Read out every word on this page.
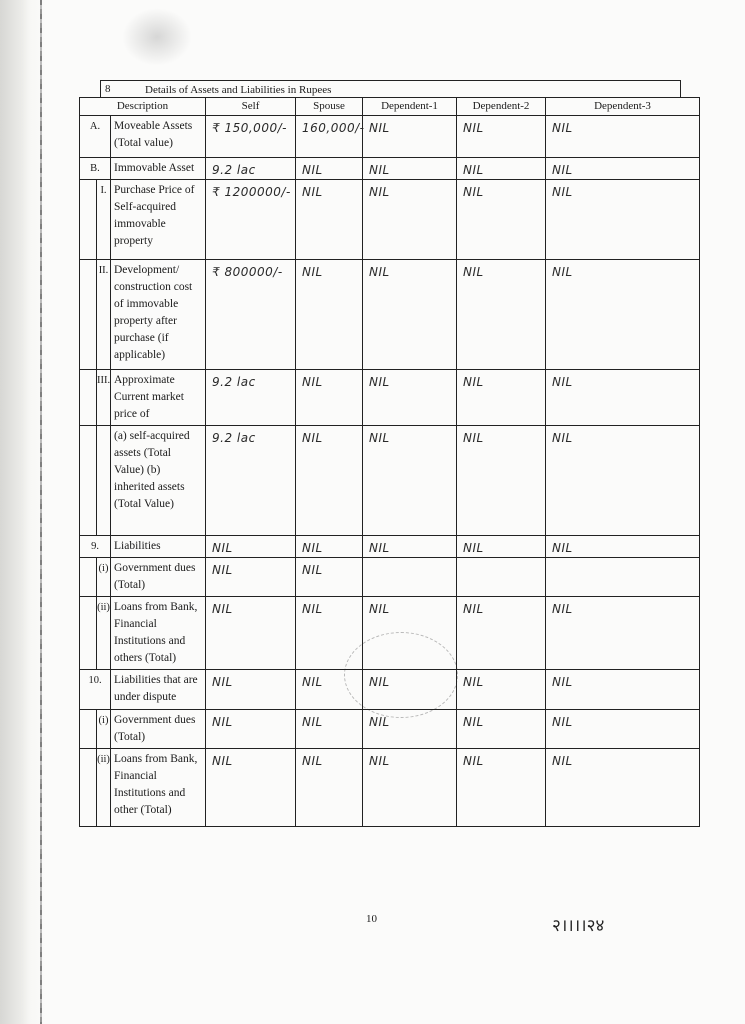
8	Details of Assets and Liabilities in Rupees
Description			Self	Spouse	Dependent-1	Dependent-2	Dependent-3
A.		Moveable Assets (Total value)	₹ 150,000/-	160,000/-	NIL	NIL	NIL
B.		Immovable Asset	9.2 lac	NIL	NIL	NIL	NIL
	I.	Purchase Price of Self-acquired immovable property	₹ 1200000/-	NIL	NIL	NIL	NIL
	II.	Development/ construction cost of immovable property after purchase (if applicable)	₹ 800000/-	NIL	NIL	NIL	NIL
	III.	Approximate Current market price of	9.2 lac	NIL	NIL	NIL	NIL
		(a) self-acquired assets (Total Value) (b) inherited assets (Total Value)	9.2 lac	NIL	NIL	NIL	NIL
9.		Liabilities	NIL	NIL	NIL	NIL	NIL
	(i)	Government dues (Total)	NIL	NIL			
	(ii)	Loans from Bank, Financial Institutions and others (Total)	NIL	NIL	NIL	NIL	NIL
10.		Liabilities that are under dispute	NIL	NIL	NIL	NIL	NIL
	(i)	Government dues (Total)	NIL	NIL	NIL	NIL	NIL
	(ii)	Loans from Bank, Financial Institutions and other (Total)	NIL	NIL	NIL	NIL	NIL
10	२।।।।२४
